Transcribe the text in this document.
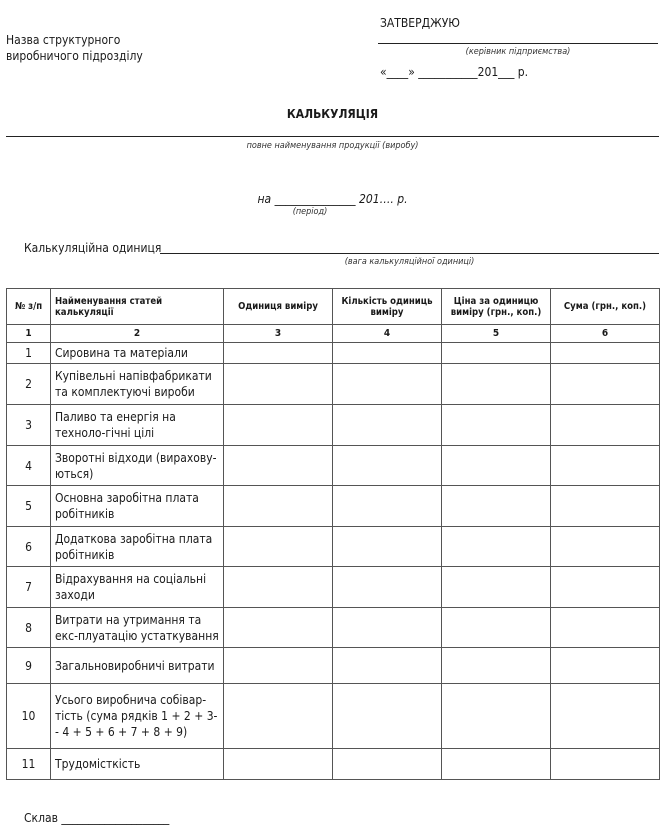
Назва структурного
виробничого підрозділу
ЗАТВЕРДЖУЮ
(керівник підприємства)
«____» ___________201___ р.
КАЛЬКУЛЯЦІЯ
повне найменування продукції (виробу)
на _______________ 201…. р.
(період)
Калькуляційна одиниця
(вага калькуляційної одиниці)
№ з/п	Найменування статей калькуляції	Одиниця виміру	Кількість одиниць виміру	Ціна за одиницю виміру (грн., коп.)	Сума (грн., коп.)
1	2	3	4	5	6
1	Сировина та матеріали				
2	Купівельні напівфабрикати та комплектуючі вироби				
3	Паливо та енергія на техноло-гічні цілі				
4	Зворотні відходи (вирахову-ються)				
5	Основна заробітна плата робітників				
6	Додаткова заробітна плата робітників				
7	Відрахування на соціальні заходи				
8	Витрати на утримання та екс-плуатацію устаткування				
9	Загальновиробничі витрати				
10	Усього виробнича собівар-тість (сума рядків 1 + 2 + 3- - 4 + 5 + 6 + 7 + 8 + 9)				
11	Трудомісткість				
Склав ____________________
